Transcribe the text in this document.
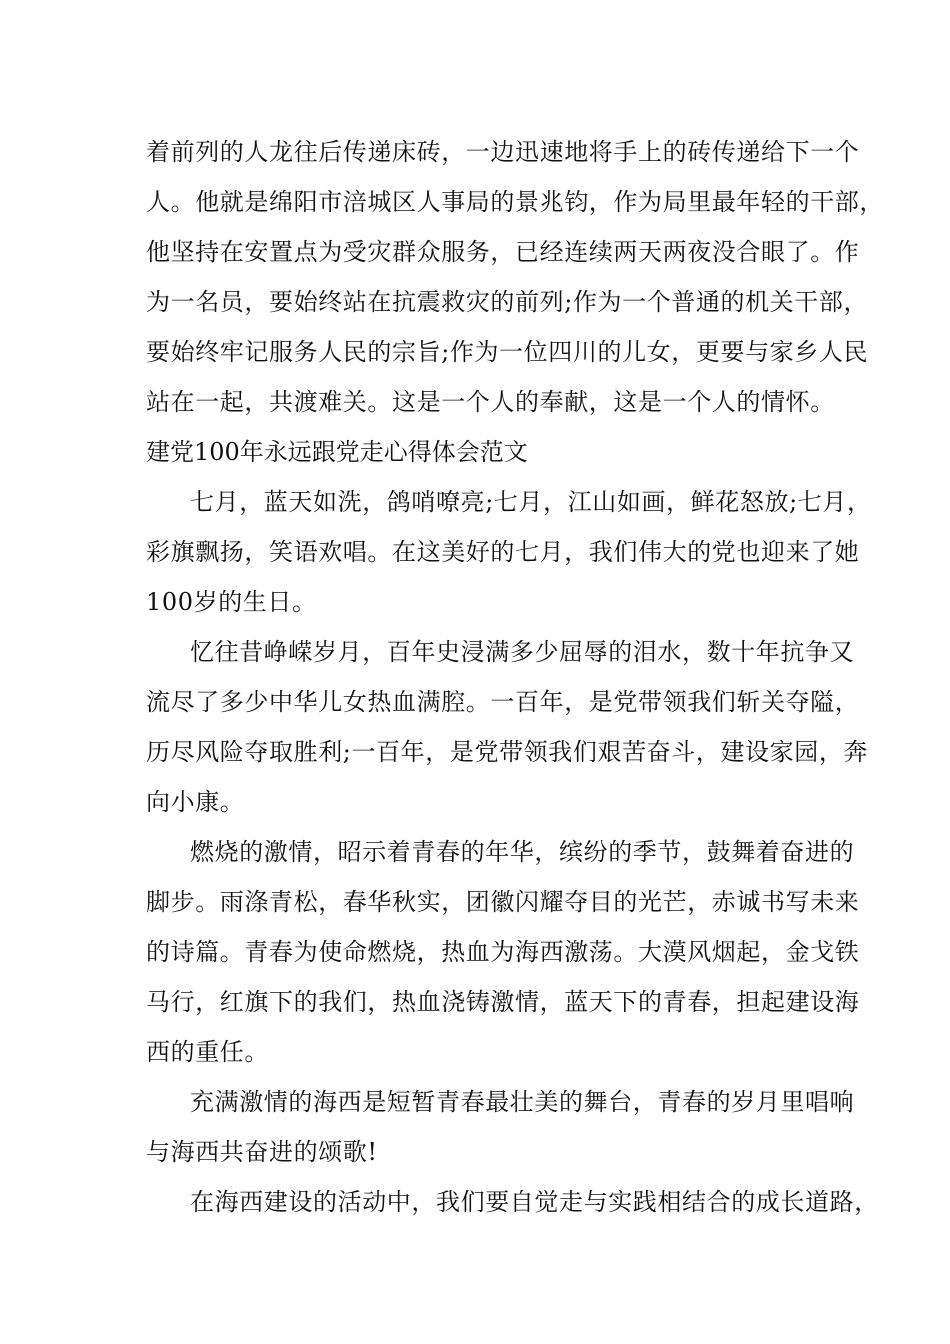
着前列的人龙往后传递床砖，一边迅速地将手上的砖传递给下一个
人。他就是绵阳市涪城区人事局的景兆钧，作为局里最年轻的干部，
他坚持在安置点为受灾群众服务，已经连续两天两夜没合眼了。作
为一名员，要始终站在抗震救灾的前列;作为一个普通的机关干部，
要始终牢记服务人民的宗旨;作为一位四川的儿女，更要与家乡人民
站在一起，共渡难关。这是一个人的奉献，这是一个人的情怀。
建党100年永远跟党走心得体会范文
七月，蓝天如洗，鸽哨嘹亮;七月，江山如画，鲜花怒放;七月，
彩旗飘扬，笑语欢唱。在这美好的七月，我们伟大的党也迎来了她
100岁的生日。
忆往昔峥嵘岁月，百年史浸满多少屈辱的泪水，数十年抗争又
流尽了多少中华儿女热血满腔。一百年，是党带领我们斩关夺隘，
历尽风险夺取胜利;一百年，是党带领我们艰苦奋斗，建设家园，奔
向小康。
燃烧的激情，昭示着青春的年华，缤纷的季节，鼓舞着奋进的
脚步。雨涤青松，春华秋实，团徽闪耀夺目的光芒，赤诚书写未来
的诗篇。青春为使命燃烧，热血为海西激荡。大漠风烟起，金戈铁
马行，红旗下的我们，热血浇铸激情，蓝天下的青春，担起建设海
西的重任。
充满激情的海西是短暂青春最壮美的舞台，青春的岁月里唱响
与海西共奋进的颂歌!
在海西建设的活动中，我们要自觉走与实践相结合的成长道路，
